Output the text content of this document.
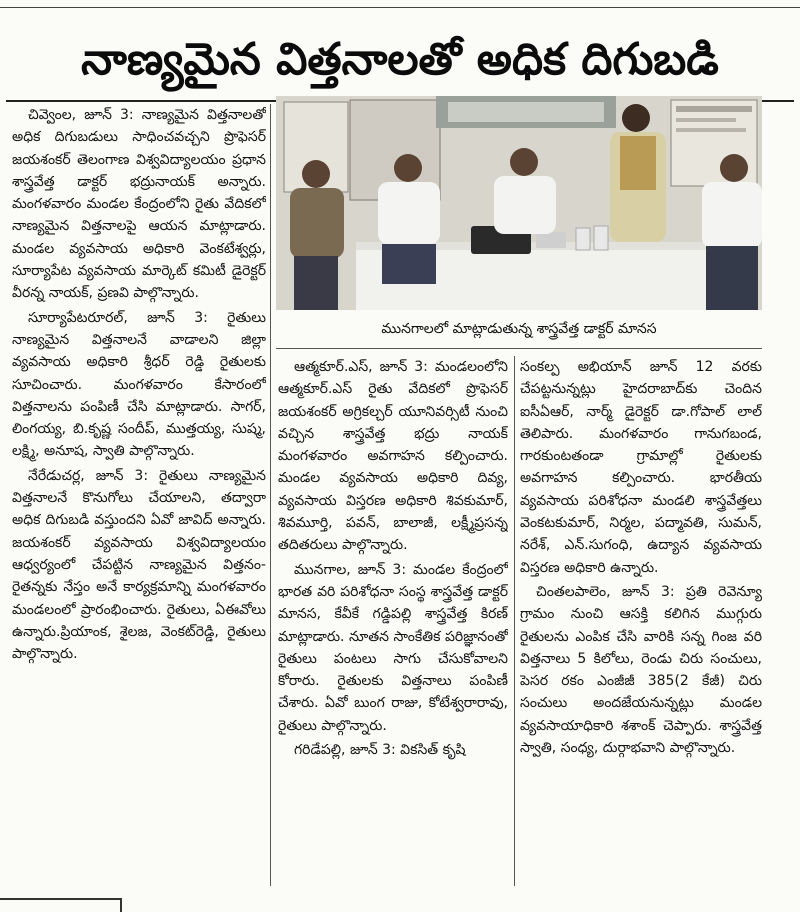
నాణ్యమైన విత్తనాలతో అధిక దిగుబడి

చివ్వెంల, జూన్ 3: నాణ్యమైన విత్తనాలతో అధిక దిగుబడులు సాధించవచ్చని ప్రొఫెసర్ జయశంకర్ తెలంగాణ విశ్వవిద్యాలయం ప్రధాన శాస్త్రవేత్త డాక్టర్ భద్రునాయక్ అన్నారు. మంగళవారం మండల కేంద్రంలోని రైతు వేదికలో నాణ్యమైన విత్తనాలపై ఆయన మాట్లాడారు. మండల వ్యవసాయ అధికారి వెంకటేశ్వర్లు, సూర్యాపేట వ్యవసాయ మార్కెట్ కమిటీ డైరెక్టర్ వీరన్న నాయక్, ప్రణవి పాల్గొన్నారు.

సూర్యాపేటరూరల్, జూన్ 3: రైతులు నాణ్యమైన విత్తనాలనే వాడాలని జిల్లా వ్యవసాయ అధికారి శ్రీధర్ రెడ్డి రైతులకు సూచించారు. మంగళవారం కేసారంలో విత్తనాలను పంపిణీ చేసి మాట్లాడారు. సాగర్, లింగయ్య, బి.కృష్ణ సందీప్, ముత్తయ్య, సుష్మ, లక్ష్మి, అనూష, స్వాతి పాల్గొన్నారు.

నేరేడుచర్ల, జూన్ 3: రైతులు నాణ్యమైన విత్తనాలనే కొనుగోలు చేయాలని, తద్వారా అధిక దిగుబడి వస్తుందని ఏవో జావిద్ అన్నారు. జయశంకర్ వ్యవసాయ విశ్వవిద్యాలయం ఆధ్వర్యంలో చేపట్టిన నాణ్యమైన విత్తనం- రైతన్నకు నేస్తం అనే కార్యక్రమాన్ని మంగళవారం మండలంలో ప్రారంభించారు. రైతులు, ఏఈవోలు ఉన్నారు.ప్రియాంక, శైలజ, వెంకట్‌రెడ్డి, రైతులు పాల్గొన్నారు.

మునగాలలో మాట్లాడుతున్న శాస్త్రవేత్త డాక్టర్ మానస

ఆత్మకూర్.ఎస్, జూన్ 3: మండలంలోని ఆత్మకూర్.ఎస్ రైతు వేదికలో ప్రొఫెసర్ జయశంకర్ అగ్రికల్చర్ యూనివర్సిటీ నుంచి వచ్చిన శాస్త్రవేత్త భద్రు నాయక్ మంగళవారం అవగాహన కల్పించారు. మండల వ్యవసాయ అధికారి దివ్య, వ్యవసాయ విస్తరణ అధికారి శివకుమార్, శివమూర్తి, పవన్, బాలాజీ, లక్ష్మీప్రసన్న తదితరులు పాల్గొన్నారు.

మునగాల, జూన్ 3: మండల కేంద్రంలో భారత వరి పరిశోధనా సంస్థ శాస్త్రవేత్త డాక్టర్ మానస, కేవీకే గడ్డిపల్లి శాస్త్రవేత్త కిరణ్ మాట్లాడారు. నూతన సాంకేతిక పరిజ్ఞానంతో రైతులు పంటలు సాగు చేసుకోవాలని కోరారు. రైతులకు విత్తనాలు పంపిణీ చేశారు. ఏవో బుంగ రాజు, కోటేశ్వరారావు, రైతులు పాల్గొన్నారు.

గరిడేపల్లి, జూన్ 3: వికసిత్ కృషి

సంకల్ప అభియాన్ జూన్ 12 వరకు చేపట్టనున్నట్లు హైదరాబాద్‌కు చెందిన ఐసీఏఆర్, నార్మ్ డైరెక్టర్ డా.గోపాల్ లాల్ తెలిపారు. మంగళవారం గానుగబండ, గారకుంటతండా గ్రామాల్లో రైతులకు అవగాహన కల్పించారు. భారతీయ వ్యవసాయ పరిశోధనా మండలి శాస్త్రవేత్తలు వెంకటకుమార్, నిర్మల, పద్మావతి, సుమన్, నరేశ్, ఎన్.సుగంధి, ఉద్యాన వ్యవసాయ విస్తరణ అధికారి ఉన్నారు.

చింతలపాలెం, జూన్ 3: ప్రతి రెవెన్యూ గ్రామం నుంచి ఆసక్తి కలిగిన ముగ్గురు రైతులను ఎంపిక చేసి వారికి సన్న గింజ వరి విత్తనాలు 5 కిలోలు, రెండు చిరు సంచులు, పెసర రకం ఎంజీజీ 385(2 కేజీ) చిరు సంచులు అందజేయనున్నట్లు మండల వ్యవసాయాధికారి శశాంక్ చెప్పారు. శాస్త్రవేత్త స్వాతి, సంధ్య, దుర్గాభవాని పాల్గొన్నారు.
